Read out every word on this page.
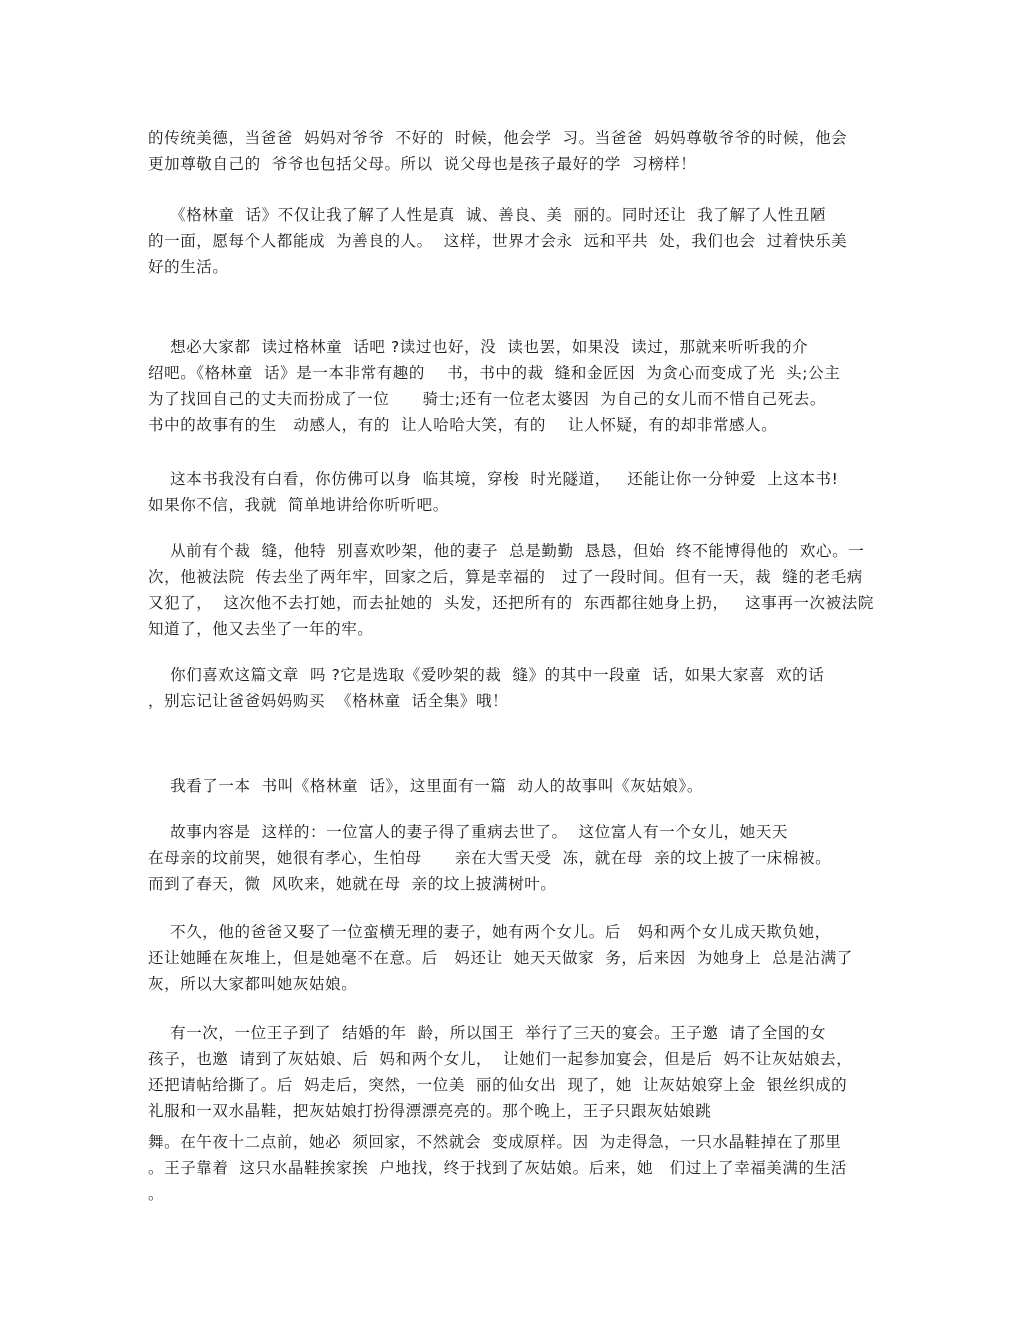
的传统美德，当爸爸  妈妈对爷爷  不好的  时候，他会学  习。当爸爸  妈妈尊敬爷爷的时候，他会
更加尊敬自己的  爷爷也包括父母。所以  说父母也是孩子最好的学  习榜样！
《格林童  话》不仅让我了解了人性是真  诚、善良、美  丽的。同时还让  我了解了人性丑陋
的一面，愿每个人都能成  为善良的人。  这样，世界才会永  远和平共  处，我们也会  过着快乐美
好的生活。
想必大家都  读过格林童  话吧 ?读过也好，没  读也罢，如果没  读过，那就来听听我的介
绍吧。《格林童  话》是一本非常有趣的    书，书中的裁  缝和金匠因  为贪心而变成了光  头;公主
为了找回自己的丈夫而扮成了一位      骑士;还有一位老太婆因  为自己的女儿而不惜自己死去。
书中的故事有的生   动感人，有的  让人哈哈大笑，有的    让人怀疑，有的却非常感人。
这本书我没有白看，你仿佛可以身  临其境，穿梭  时光隧道，   还能让你一分钟爱  上这本书!
如果你不信，我就  简单地讲给你听听吧。
从前有个裁  缝，他特  别喜欢吵架，他的妻子  总是勤勤  恳恳，但始  终不能博得他的  欢心。一
次，他被法院  传去坐了两年牢，回家之后，算是幸福的   过了一段时间。但有一天，裁  缝的老毛病
又犯了，  这次他不去打她，而去扯她的  头发，还把所有的  东西都往她身上扔，   这事再一次被法院
知道了，他又去坐了一年的牢。
你们喜欢这篇文章  吗 ?它是选取《爱吵架的裁  缝》的其中一段童  话，如果大家喜  欢的话
，别忘记让爸爸妈妈购买  《格林童  话全集》哦！
我看了一本  书叫《格林童  话》，这里面有一篇  动人的故事叫《灰姑娘》。
故事内容是  这样的：一位富人的妻子得了重病去世了。  这位富人有一个女儿，她天天
在母亲的坟前哭，她很有孝心，生怕母      亲在大雪天受  冻，就在母  亲的坟上披了一床棉被。
而到了春天，微  风吹来，她就在母  亲的坟上披满树叶。
不久，他的爸爸又娶了一位蛮横无理的妻子，她有两个女儿。后   妈和两个女儿成天欺负她，
还让她睡在灰堆上，但是她毫不在意。后   妈还让  她天天做家  务，后来因  为她身上  总是沾满了
灰，所以大家都叫她灰姑娘。
有一次，一位王子到了  结婚的年  龄，所以国王  举行了三天的宴会。王子邀  请了全国的女
孩子，也邀  请到了灰姑娘、后  妈和两个女儿，  让她们一起参加宴会，但是后  妈不让灰姑娘去，
还把请帖给撕了。后  妈走后，突然，一位美  丽的仙女出  现了，她  让灰姑娘穿上金  银丝织成的
礼服和一双水晶鞋，把灰姑娘打扮得漂漂亮亮的。那个晚上，王子只跟灰姑娘跳
舞。在午夜十二点前，她必  须回家，不然就会  变成原样。因  为走得急，一只水晶鞋掉在了那里
。王子靠着  这只水晶鞋挨家挨  户地找，终于找到了灰姑娘。后来，她   们过上了幸福美满的生活
。
